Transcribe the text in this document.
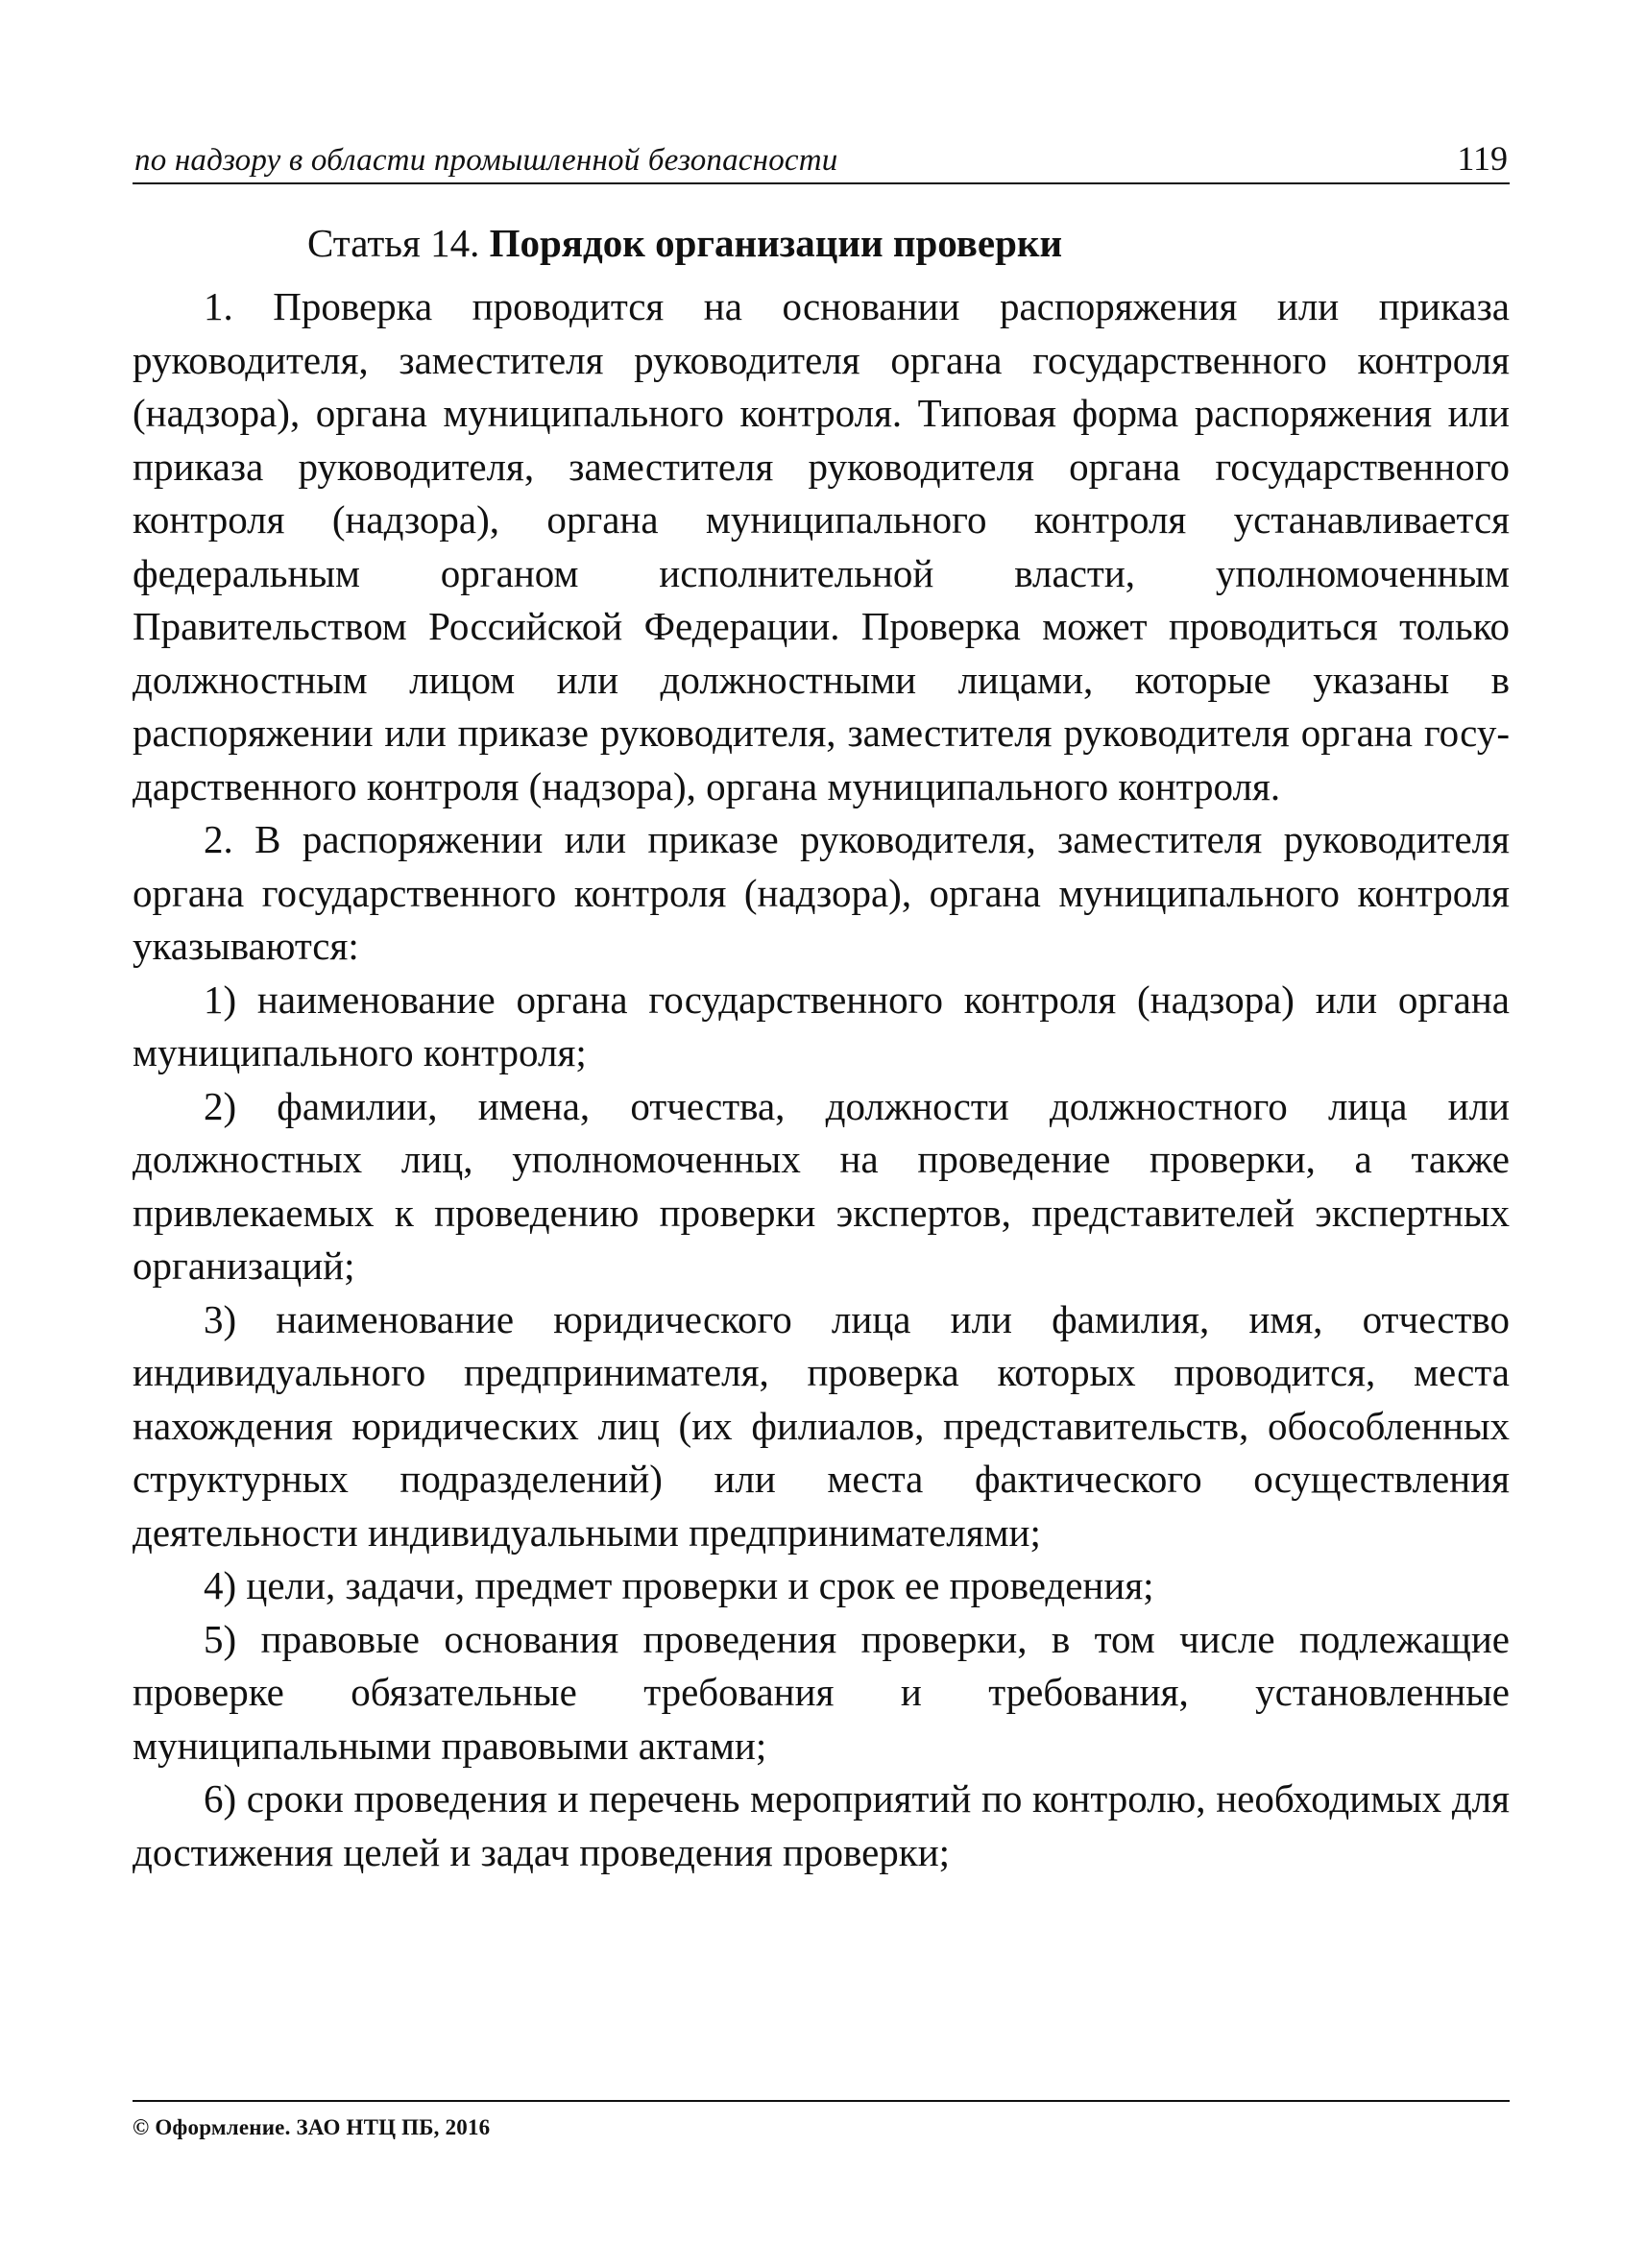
по надзору в области промышленной безопасности	119
Статья 14. Порядок организации проверки

1. Проверка проводится на основании распоряжения или приказа руководителя, заместителя руководителя органа государственного контроля (надзора), органа муниципального контроля. Типовая форма распоряжения или приказа руководителя, заместителя руководителя органа государственного контроля (надзора), органа муниципального контроля устанавливается федеральным органом исполнительной власти, уполномоченным Правительством Российской Федерации. Проверка может проводиться только должностным лицом или должностными лицами, которые указаны в распоряжении или приказе руководителя, заместителя руководителя органа государственного контроля (надзора), органа муниципального контроля.

2. В распоряжении или приказе руководителя, заместителя руководителя органа государственного контроля (надзора), органа муниципального контроля указываются:

1) наименование органа государственного контроля (надзора) или органа муниципального контроля;

2) фамилии, имена, отчества, должности должностного лица или должностных лиц, уполномоченных на проведение проверки, а также привлекаемых к проведению проверки экспертов, представителей экспертных организаций;

3) наименование юридического лица или фамилия, имя, отчество индивидуального предпринимателя, проверка которых проводится, места нахождения юридических лиц (их филиалов, представительств, обособленных структурных подразделений) или места фактического осуществления деятельности индивидуальными предпринимателями;

4) цели, задачи, предмет проверки и срок ее проведения;

5) правовые основания проведения проверки, в том числе подлежащие проверке обязательные требования и требования, установленные муниципальными правовыми актами;

6) сроки проведения и перечень мероприятий по контролю, необходимых для достижения целей и задач проведения проверки;

© Оформление. ЗАО НТЦ ПБ, 2016
